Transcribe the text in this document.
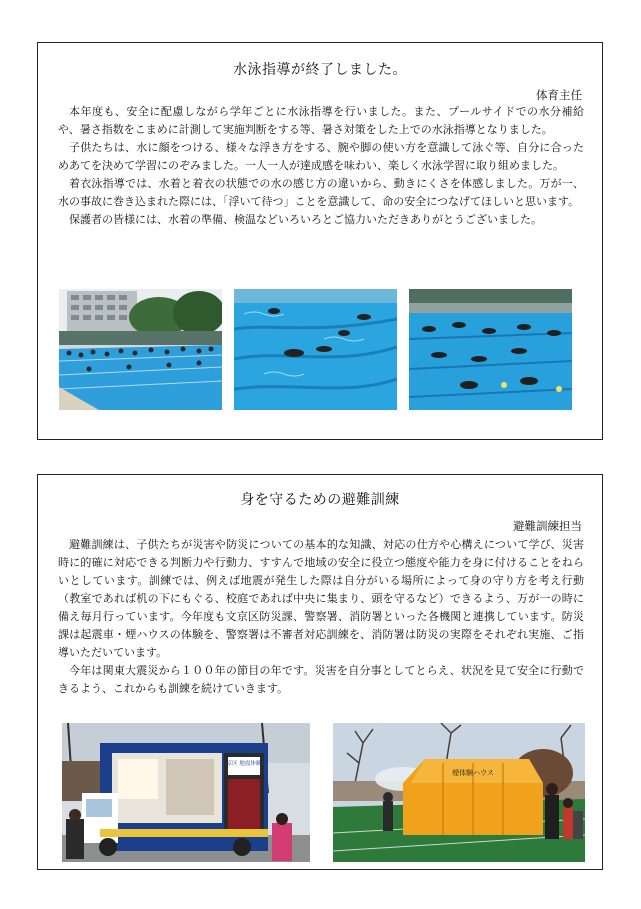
水泳指導が終了しました。
体育主任

本年度も、安全に配慮しながら学年ごとに水泳指導を行いました。また、プールサイドでの水分補給や、暑さ指数をこまめに計測して実施判断をする等、暑さ対策をした上での水泳指導となりました。

子供たちは、水に顔をつける、様々な浮き方をする、腕や脚の使い方を意識して泳ぐ等、自分に合っためあてを決めて学習にのぞみました。一人一人が達成感を味わい、楽しく水泳学習に取り組めました。

着衣泳指導では、水着と着衣の状態での水の感じ方の違いから、動きにくさを体感しました。万が一、水の事故に巻き込まれた際には、「浮いて待つ」ことを意識して、命の安全につなげてほしいと思います。

保護者の皆様には、水着の準備、検温などいろいろとご協力いただきありがとうございました。

身を守るための避難訓練
避難訓練担当

避難訓練は、子供たちが災害や防災についての基本的な知識、対応の仕方や心構えについて学び、災害時に的確に対応できる判断力や行動力、すすんで地域の安全に役立つ態度や能力を身に付けることをねらいとしています。訓練では、例えば地震が発生した際は自分がいる場所によって身の守り方を考え行動（教室であれば机の下にもぐる、校庭であれば中央に集まり、頭を守るなど）できるよう、万が一の時に備え毎月行っています。今年度も文京区防災課、警察署、消防署といった各機関と連携しています。防災課は起震車・煙ハウスの体験を、警察署は不審者対応訓練を、消防署は防災の実際をそれぞれ実施、ご指導いただいています。

今年は関東大震災から１００年の節目の年です。災害を自分事としてとらえ、状況を見て安全に行動できるよう、これからも訓練を続けていきます。

文京区 地震体験車
煙体験ハウス
